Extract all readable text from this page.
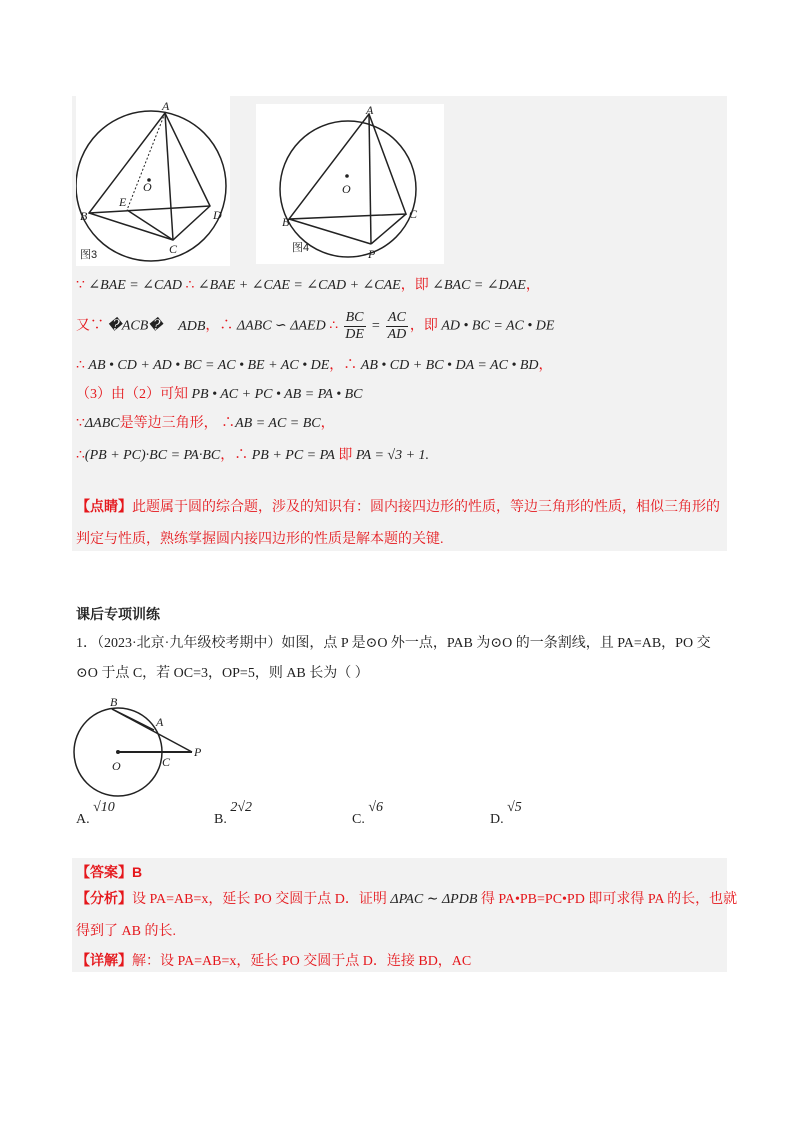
A
B
C
D
E
O
图3
A
B
C
P
O
图4
∵ ∠BAE = ∠CAD ∴ ∠BAE + ∠CAE = ∠CAD + ∠CAE，即 ∠BAC = ∠DAE，
又∵ �ACB� ADB，∴ ΔABC ∽ ΔAED ∴ $\frac{BC}{DE} = \frac{AC}{AD}$ ，即 AD • BC = AC • DE
∴ AB • CD + AD • BC = AC • BE + AC • DE，∴ AB • CD + BC • DA = AC • BD，
（3）由（2）可知 PB • AC + PC • AB = PA • BC
∵ΔABC是等边三角形， ∴AB = AC = BC，
∴(PB + PC)·BC = PA·BC，∴ PB + PC = PA 即 PA = √3 + 1.
【点睛】此题属于圆的综合题，涉及的知识有：圆内接四边形的性质，等边三角形的性质，相似三角形的
判定与性质，熟练掌握圆内接四边形的性质是解本题的关键.
课后专项训练
1．（2023·北京·九年级校考期中）如图，点 P 是⊙O 外一点，PAB 为⊙O 的一条割线，且 PA=AB，PO 交
⊙O 于点 C，若 OC=3，OP=5，则 AB 长为（ ）
B
A
P
O	C
A. √10
B. 2√2
C. √6
D. √5
【答案】B
【分析】设 PA=AB=x，延长 PO 交圆于点 D．证明 ΔPAC ∼ ΔPDB 得 PA•PB=PC•PD 即可求得 PA 的长，也就
得到了 AB 的长.
【详解】解：设 PA=AB=x，延长 PO 交圆于点 D．连接 BD，AC
